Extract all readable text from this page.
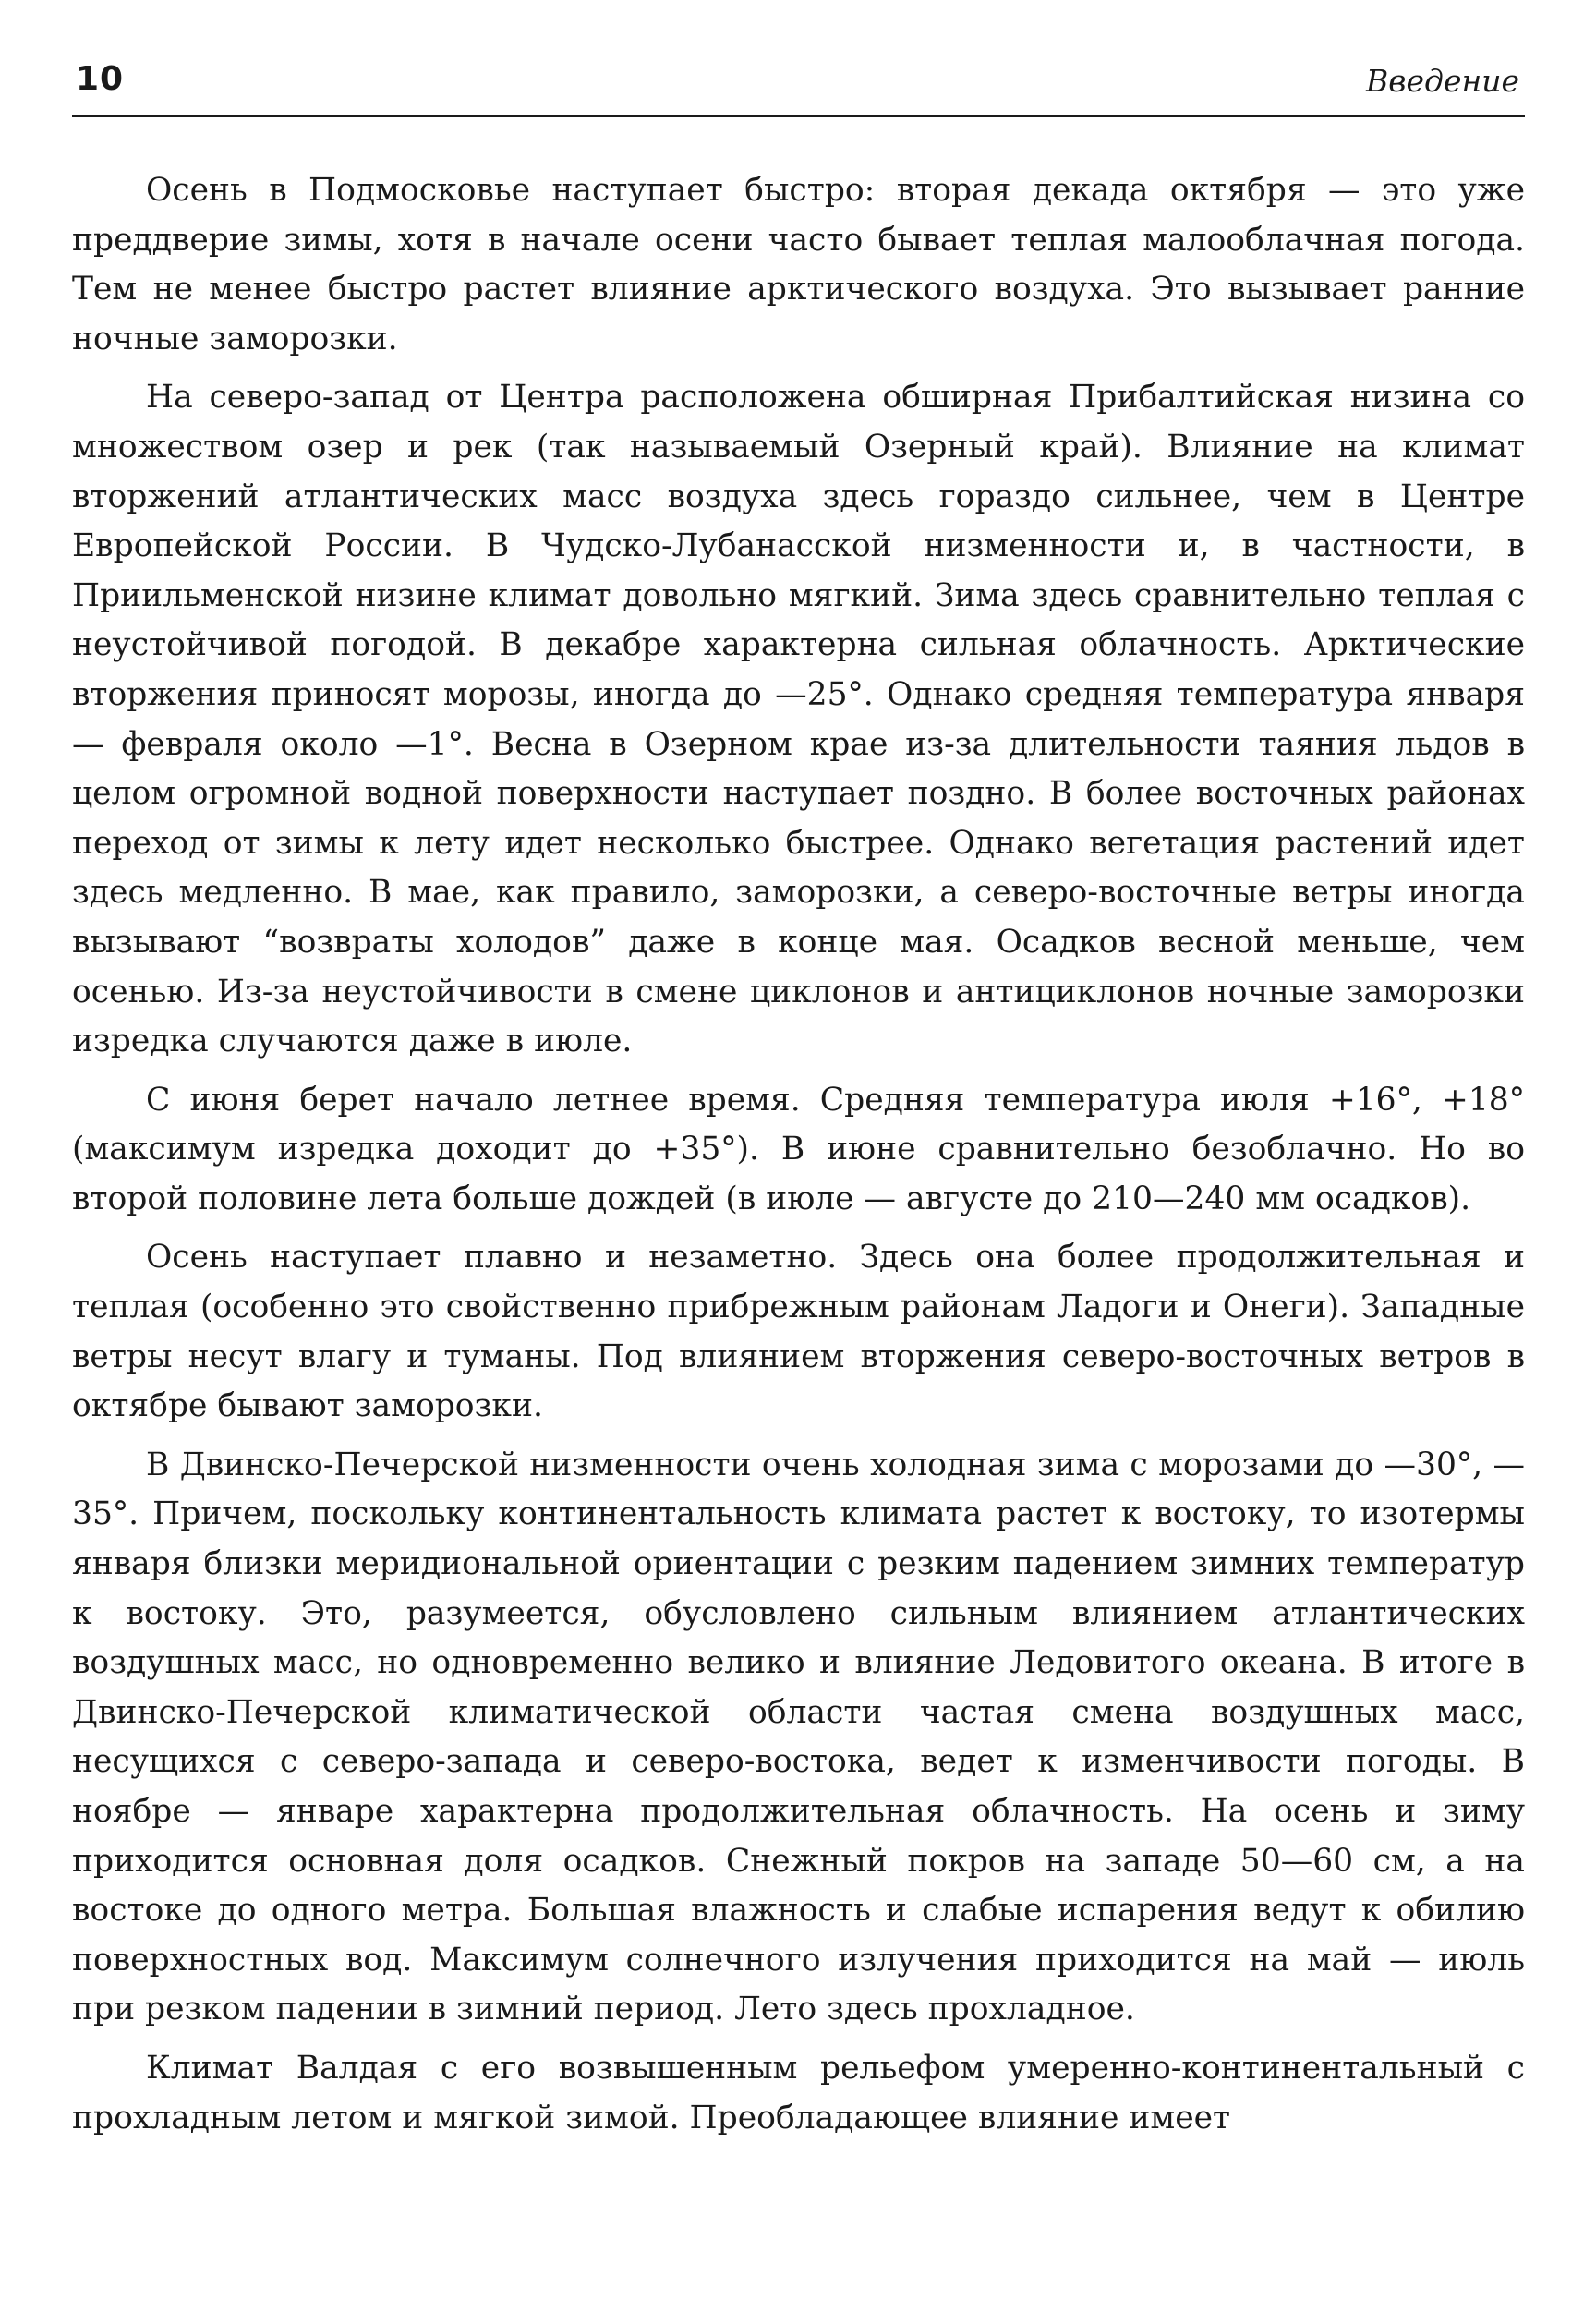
10	Введение

Осень в Подмосковье наступает быстро: вторая декада октября — это уже преддверие зимы, хотя в начале осени часто бывает теплая малооблачная погода. Тем не менее быстро растет влияние арктического воздуха. Это вызывает ранние ночные заморозки.

На северо-запад от Центра расположена обширная Прибалтийская низина со множеством озер и рек (так называемый Озерный край). Влияние на климат вторжений атлантических масс воздуха здесь гораздо сильнее, чем в Центре Европейской России. В Чудско-Лубанасской низменности и, в частности, в Приильменской низине климат довольно мягкий. Зима здесь сравнительно теплая с неустойчивой погодой. В декабре характерна сильная облачность. Арктические вторжения приносят морозы, иногда до —25°. Однако средняя температура января — февраля около —1°. Весна в Озерном крае из-за длительности таяния льдов в целом огромной водной поверхности наступает поздно. В более восточных районах переход от зимы к лету идет несколько быстрее. Однако вегетация растений идет здесь медленно. В мае, как правило, заморозки, а северо-восточные ветры иногда вызывают “возвраты холодов” даже в конце мая. Осадков весной меньше, чем осенью. Из-за неустойчивости в смене циклонов и антициклонов ночные заморозки изредка случаются даже в июле.

С июня берет начало летнее время. Средняя температура июля +16°, +18° (максимум изредка доходит до +35°). В июне сравнительно безоблачно. Но во второй половине лета больше дождей (в июле — августе до 210—240 мм осадков).

Осень наступает плавно и незаметно. Здесь она более продолжительная и теплая (особенно это свойственно прибрежным районам Ладоги и Онеги). Западные ветры несут влагу и туманы. Под влиянием вторжения северо-восточных ветров в октябре бывают заморозки.

В Двинско-Печерской низменности очень холодная зима с морозами до —30°, —35°. Причем, поскольку континентальность климата растет к востоку, то изотермы января близки меридиональной ориентации с резким падением зимних температур к востоку. Это, разумеется, обусловлено сильным влиянием атлантических воздушных масс, но одновременно велико и влияние Ледовитого океана. В итоге в Двинско-Печерской климатической области частая смена воздушных масс, несущихся с северо-запада и северо-востока, ведет к изменчивости погоды. В ноябре — январе характерна продолжительная облачность. На осень и зиму приходится основная доля осадков. Снежный покров на западе 50—60 см, а на востоке до одного метра. Большая влажность и слабые испарения ведут к обилию поверхностных вод. Максимум солнечного излучения приходится на май — июль при резком падении в зимний период. Лето здесь прохладное.

Климат Валдая с его возвышенным рельефом умеренно-континентальный с прохладным летом и мягкой зимой. Преобладающее влияние имеет
